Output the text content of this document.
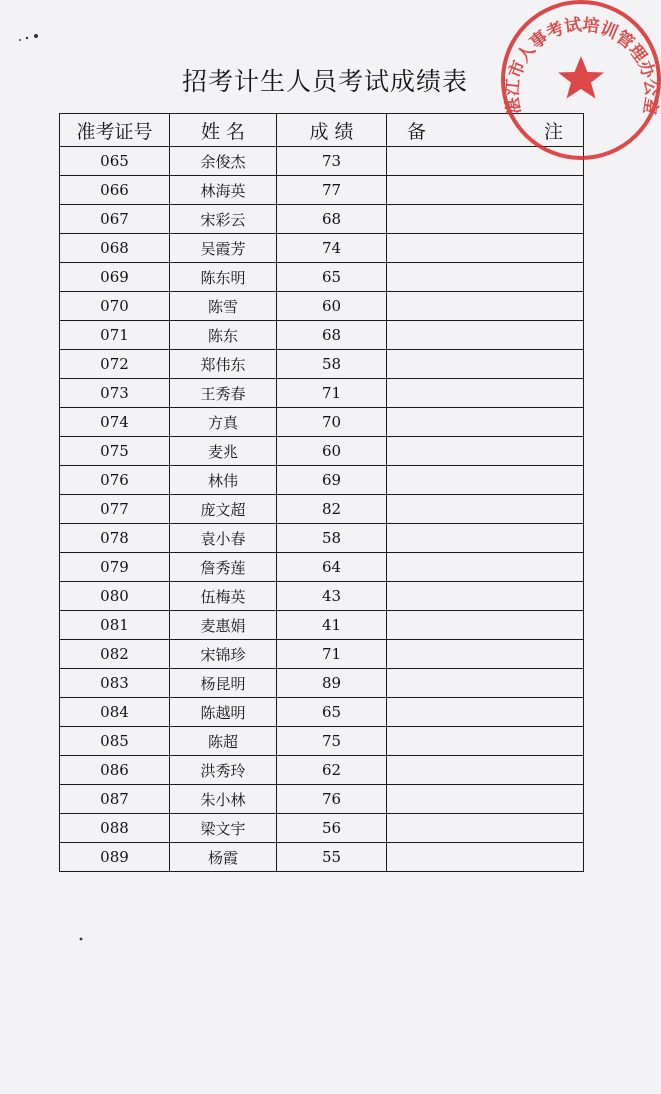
招考计生人员考试成绩表
准考证号	姓 名	成 绩	备 注
065	余俊杰	73	
066	林海英	77	
067	宋彩云	68	
068	吴霞芳	74	
069	陈东明	65	
070	陈雪	60	
071	陈东	68	
072	郑伟东	58	
073	王秀春	71	
074	方真	70	
075	麦兆	60	
076	林伟	69	
077	庞文超	82	
078	袁小春	58	
079	詹秀莲	64	
080	伍梅英	43	
081	麦惠娟	41	
082	宋锦珍	71	
083	杨昆明	89	
084	陈越明	65	
085	陈超	75	
086	洪秀玲	62	
087	朱小林	76	
088	梁文宇	56	
089	杨霞	55	
湛江市人事考试培训管理办公室
